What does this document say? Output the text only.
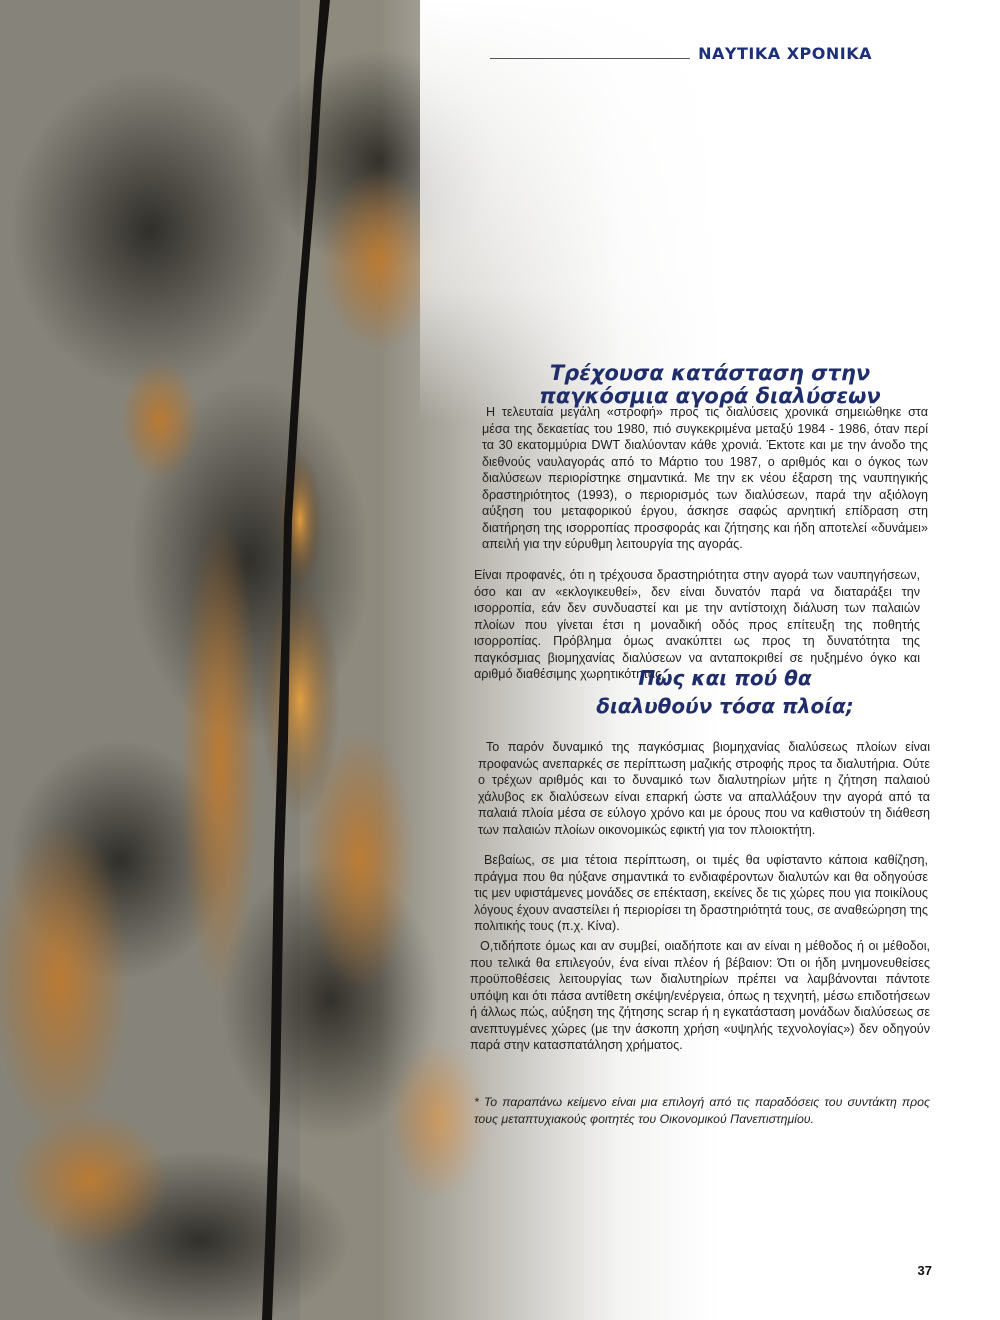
ΝΑΥΤΙΚΑ ΧΡΟΝΙΚΑ
Τρέχουσα κατάσταση στην παγκόσμια αγορά διαλύσεων

Η τελευταία μεγάλη «στροφή» προς τις διαλύσεις χρονικά σημειώθηκε στα μέσα της δεκαετίας του 1980, πιό συγκεκριμένα μεταξύ 1984 - 1986, όταν περί τα 30 εκατομμύρια DWT διαλύονταν κάθε χρονιά. Έκτοτε και με την άνοδο της διεθνούς ναυλαγοράς από το Μάρτιο του 1987, ο αριθμός και ο όγκος των διαλύσεων περιορίστηκε σημαντικά. Με την εκ νέου έξαρση της ναυπηγικής δραστηριότητος (1993), ο περιορισμός των διαλύσεων, παρά την αξιόλογη αύξηση του μεταφορικού έργου, άσκησε σαφώς αρνητική επίδραση στη διατήρηση της ισορροπίας προσφοράς και ζήτησης και ήδη αποτελεί «δυνάμει» απειλή για την εύρυθμη λειτουργία της αγοράς.

Είναι προφανές, ότι η τρέχουσα δραστηριότητα στην αγορά των ναυπηγήσεων, όσο και αν «εκλογικευθεί», δεν είναι δυνατόν παρά να διαταράξει την ισορροπία, εάν δεν συνδυαστεί και με την αντίστοιχη διάλυση των παλαιών πλοίων που γίνεται έτσι η μοναδική οδός προς επίτευξη της ποθητής ισορροπίας. Πρόβλημα όμως ανακύπτει ως προς τη δυνατότητα της παγκόσμιας βιομηχανίας διαλύσεων να ανταποκριθεί σε ηυξημένο όγκο και αριθμό διαθέσιμης χωρητικότητας.

Πώς και πού θα διαλυθούν τόσα πλοία;

Το παρόν δυναμικό της παγκόσμιας βιομηχανίας διαλύσεως πλοίων είναι προφανώς ανεπαρκές σε περίπτωση μαζικής στροφής προς τα διαλυτήρια. Ούτε ο τρέχων αριθμός και το δυναμικό των διαλυτηρίων μήτε η ζήτηση παλαιού χάλυβος εκ διαλύσεων είναι επαρκή ώστε να απαλλάξουν την αγορά από τα παλαιά πλοία μέσα σε εύλογο χρόνο και με όρους που να καθιστούν τη διάθεση των παλαιών πλοίων οικονομικώς εφικτή για τον πλοιοκτήτη.

Βεβαίως, σε μια τέτοια περίπτωση, οι τιμές θα υφίσταντο κάποια καθίζηση, πράγμα που θα ηύξανε σημαντικά το ενδιαφέροντων διαλυτών και θα οδηγούσε τις μεν υφιστάμενες μονάδες σε επέκταση, εκείνες δε τις χώρες που για ποικίλους λόγους έχουν αναστείλει ή περιορίσει τη δραστηριότητά τους, σε αναθεώρηση της πολιτικής τους (π.χ. Κίνα).

Ο,τιδήποτε όμως και αν συμβεί, οιαδήποτε και αν είναι η μέθοδος ή οι μέθοδοι, που τελικά θα επιλεγούν, ένα είναι πλέον ή βέβαιον: Ότι οι ήδη μνημονευθείσες προϋποθέσεις λειτουργίας των διαλυτηρίων πρέπει να λαμβάνονται πάντοτε υπόψη και ότι πάσα αντίθετη σκέψη/ενέργεια, όπως η τεχνητή, μέσω επιδοτήσεων ή άλλως πώς, αύξηση της ζήτησης scrap ή η εγκατάσταση μονάδων διαλύσεως σε ανεπτυγμένες χώρες (με την άσκοπη χρήση «υψηλής τεχνολογίας») δεν οδηγούν παρά στην κατασπατάληση χρήματος.

* Το παραπάνω κείμενο είναι μια επιλογή από τις παραδόσεις του συντάκτη προς τους μεταπτυχιακούς φοιτητές του Οικονομικού Πανεπιστημίου.

37
